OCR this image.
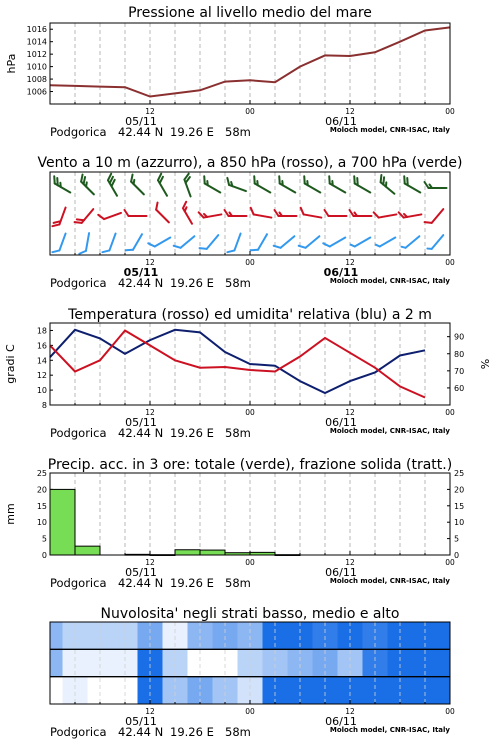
Pressione al livello medio del mare
1006
1008
1010
1012
1014
1016
hPa
12	00	12	00
05/11	06/11
Podgorica 42.44 N 19.26 E 58m	Moloch model, CNR-ISAC, Italy
Vento a 10 m (azzurro), a 850 hPa (rosso), a 700 hPa (verde)
12	00	12	00
05/11	06/11
Podgorica 42.44 N 19.26 E 58m	Moloch model, CNR-ISAC, Italy
Temperatura (rosso) ed umidita' relativa (blu) a 2 m
8
10
12
14
16
18
60
70
80
90
gradi C	%
12	00	12	00
05/11	06/11
Podgorica 42.44 N 19.26 E 58m	Moloch model, CNR-ISAC, Italy
Precip. acc. in 3 ore: totale (verde), frazione solida (tratt.)
0
5
10
15
20
25
0
5
10
15
20
25
mm
12	00	12	00
05/11	06/11
Podgorica 42.44 N 19.26 E 58m	Moloch model, CNR-ISAC, Italy
Nuvolosita' negli strati basso, medio e alto
12	00	12	00
05/11	06/11
Podgorica 42.44 N 19.26 E 58m	Moloch model, CNR-ISAC, Italy
